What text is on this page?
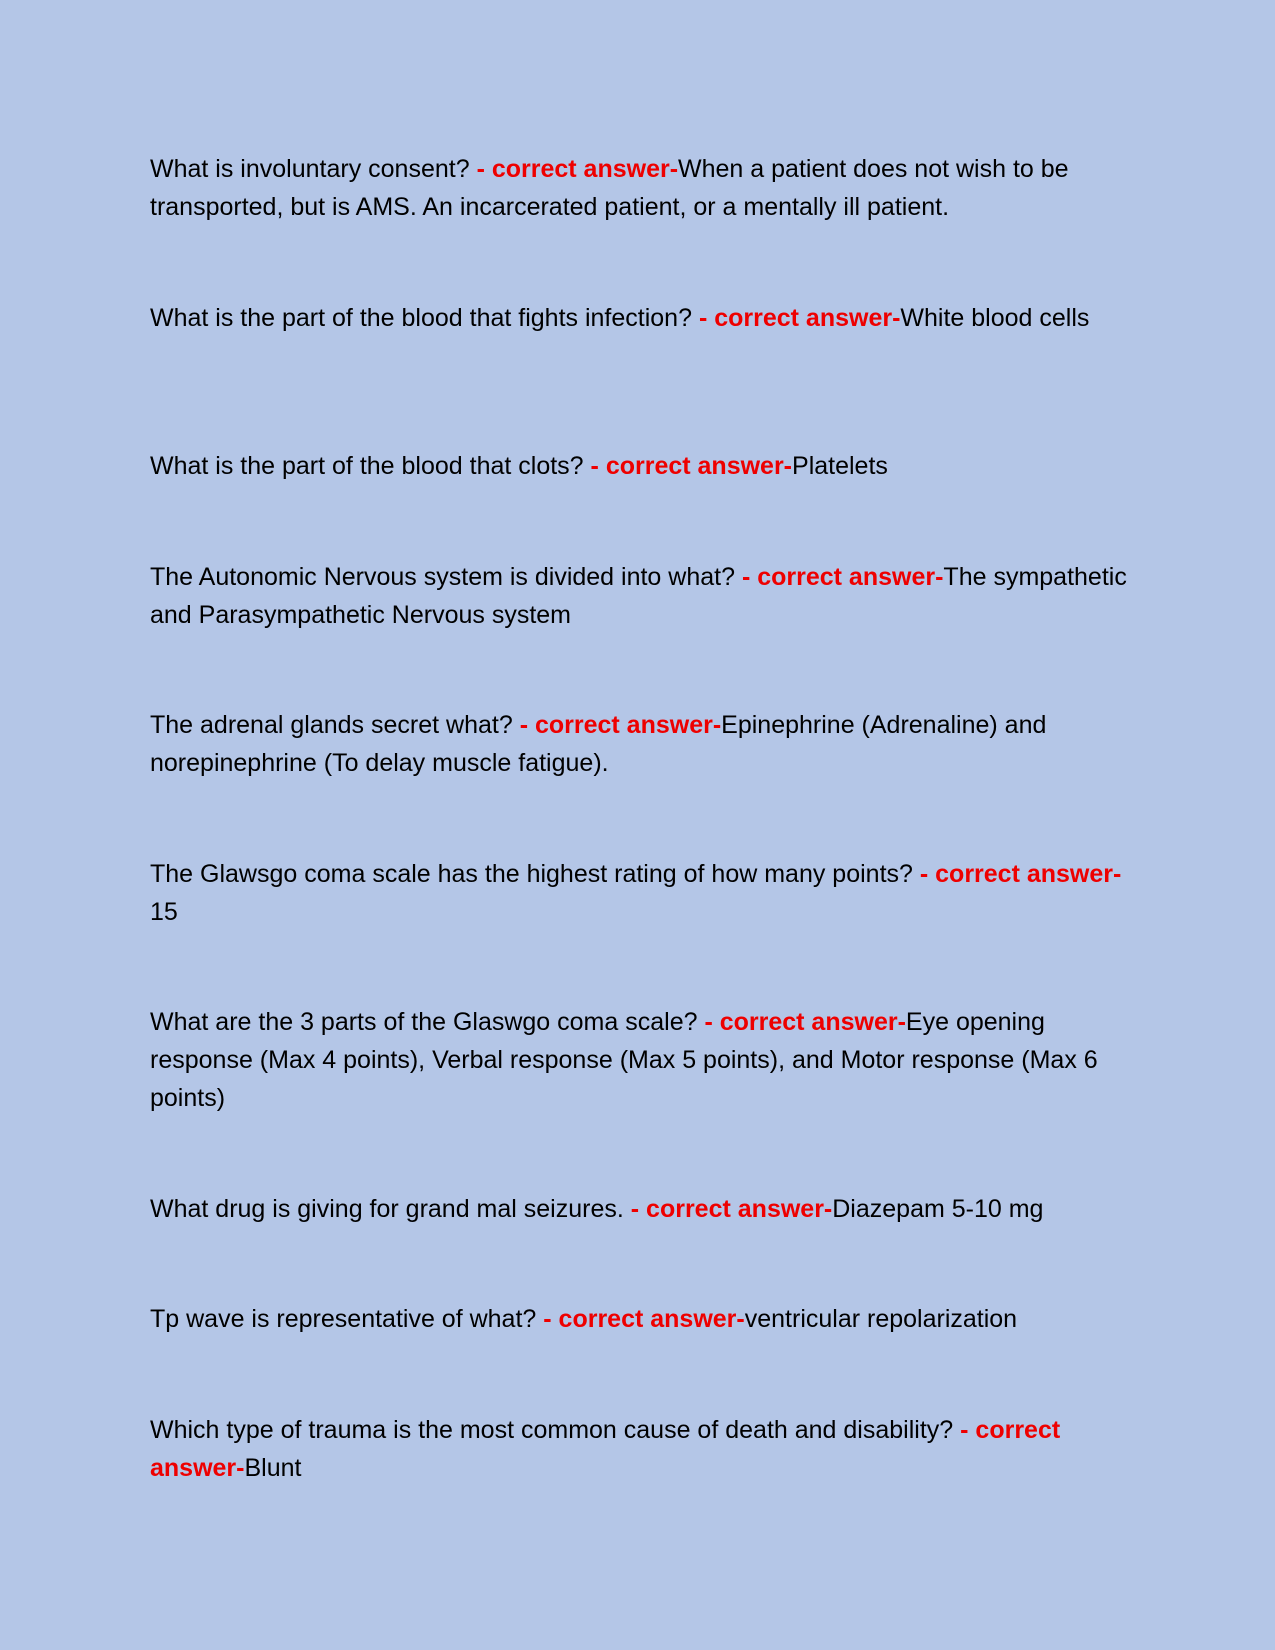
What is involuntary consent? - correct answer-When a patient does not wish to be transported, but is AMS. An incarcerated patient, or a mentally ill patient.

What is the part of the blood that fights infection? - correct answer-White blood cells

What is the part of the blood that clots? - correct answer-Platelets

The Autonomic Nervous system is divided into what? - correct answer-The sympathetic and Parasympathetic Nervous system

The adrenal glands secret what? - correct answer-Epinephrine (Adrenaline) and norepinephrine (To delay muscle fatigue).

The Glawsgo coma scale has the highest rating of how many points? - correct answer-15

What are the 3 parts of the Glaswgo coma scale? - correct answer-Eye opening response (Max 4 points), Verbal response (Max 5 points), and Motor response (Max 6 points)

What drug is giving for grand mal seizures. - correct answer-Diazepam 5-10 mg

Tp wave is representative of what? - correct answer-ventricular repolarization

Which type of trauma is the most common cause of death and disability? - correct answer-Blunt
